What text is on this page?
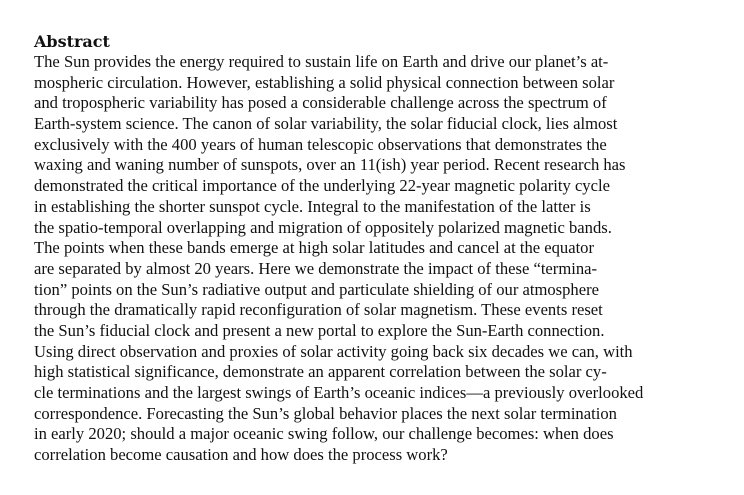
Abstract
The Sun provides the energy required to sustain life on Earth and drive our planet’s at-
mospheric circulation. However, establishing a solid physical connection between solar
and tropospheric variability has posed a considerable challenge across the spectrum of
Earth-system science. The canon of solar variability, the solar fiducial clock, lies almost
exclusively with the 400 years of human telescopic observations that demonstrates the
waxing and waning number of sunspots, over an 11(ish) year period. Recent research has
demonstrated the critical importance of the underlying 22-year magnetic polarity cycle
in establishing the shorter sunspot cycle. Integral to the manifestation of the latter is
the spatio-temporal overlapping and migration of oppositely polarized magnetic bands.
The points when these bands emerge at high solar latitudes and cancel at the equator
are separated by almost 20 years. Here we demonstrate the impact of these “termina-
tion” points on the Sun’s radiative output and particulate shielding of our atmosphere
through the dramatically rapid reconfiguration of solar magnetism. These events reset
the Sun’s fiducial clock and present a new portal to explore the Sun-Earth connection.
Using direct observation and proxies of solar activity going back six decades we can, with
high statistical significance, demonstrate an apparent correlation between the solar cy-
cle terminations and the largest swings of Earth’s oceanic indices—a previously overlooked
correspondence. Forecasting the Sun’s global behavior places the next solar termination
in early 2020; should a major oceanic swing follow, our challenge becomes: when does
correlation become causation and how does the process work?
